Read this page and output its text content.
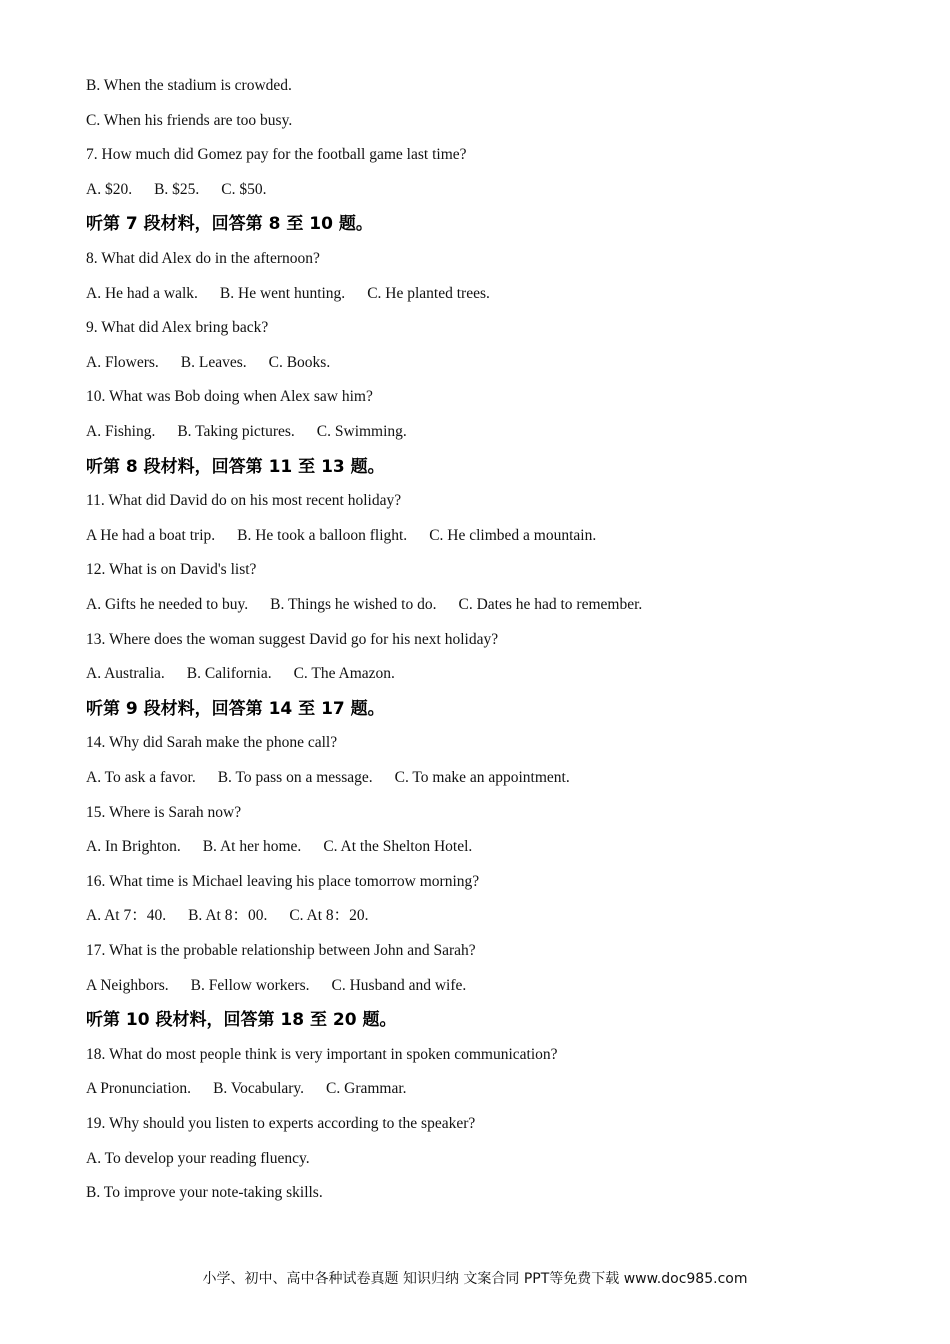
B. When the stadium is crowded.
C. When his friends are too busy.
7. How much did Gomez pay for the football game last time?
A. $20. B. $25. C. $50.
听第 7 段材料，回答第 8 至 10 题。
8. What did Alex do in the afternoon?
A. He had a walk. B. He went hunting. C. He planted trees.
9. What did Alex bring back?
A. Flowers. B. Leaves. C. Books.
10. What was Bob doing when Alex saw him?
A. Fishing. B. Taking pictures. C. Swimming.
听第 8 段材料，回答第 11 至 13 题。
11. What did David do on his most recent holiday?
A He had a boat trip. B. He took a balloon flight. C. He climbed a mountain.
12. What is on David's list?
A. Gifts he needed to buy. B. Things he wished to do. C. Dates he had to remember.
13. Where does the woman suggest David go for his next holiday?
A. Australia. B. California. C. The Amazon.
听第 9 段材料，回答第 14 至 17 题。
14. Why did Sarah make the phone call?
A. To ask a favor. B. To pass on a message. C. To make an appointment.
15. Where is Sarah now?
A. In Brighton. B. At her home. C. At the Shelton Hotel.
16. What time is Michael leaving his place tomorrow morning?
A. At 7：40. B. At 8：00. C. At 8：20.
17. What is the probable relationship between John and Sarah?
A Neighbors. B. Fellow workers. C. Husband and wife.
听第 10 段材料，回答第 18 至 20 题。
18. What do most people think is very important in spoken communication?
A Pronunciation. B. Vocabulary. C. Grammar.
19. Why should you listen to experts according to the speaker?
A. To develop your reading fluency.
B. To improve your note-taking skills.
小学、初中、高中各种试卷真题 知识归纳 文案合同 PPT等免费下载 www.doc985.com
